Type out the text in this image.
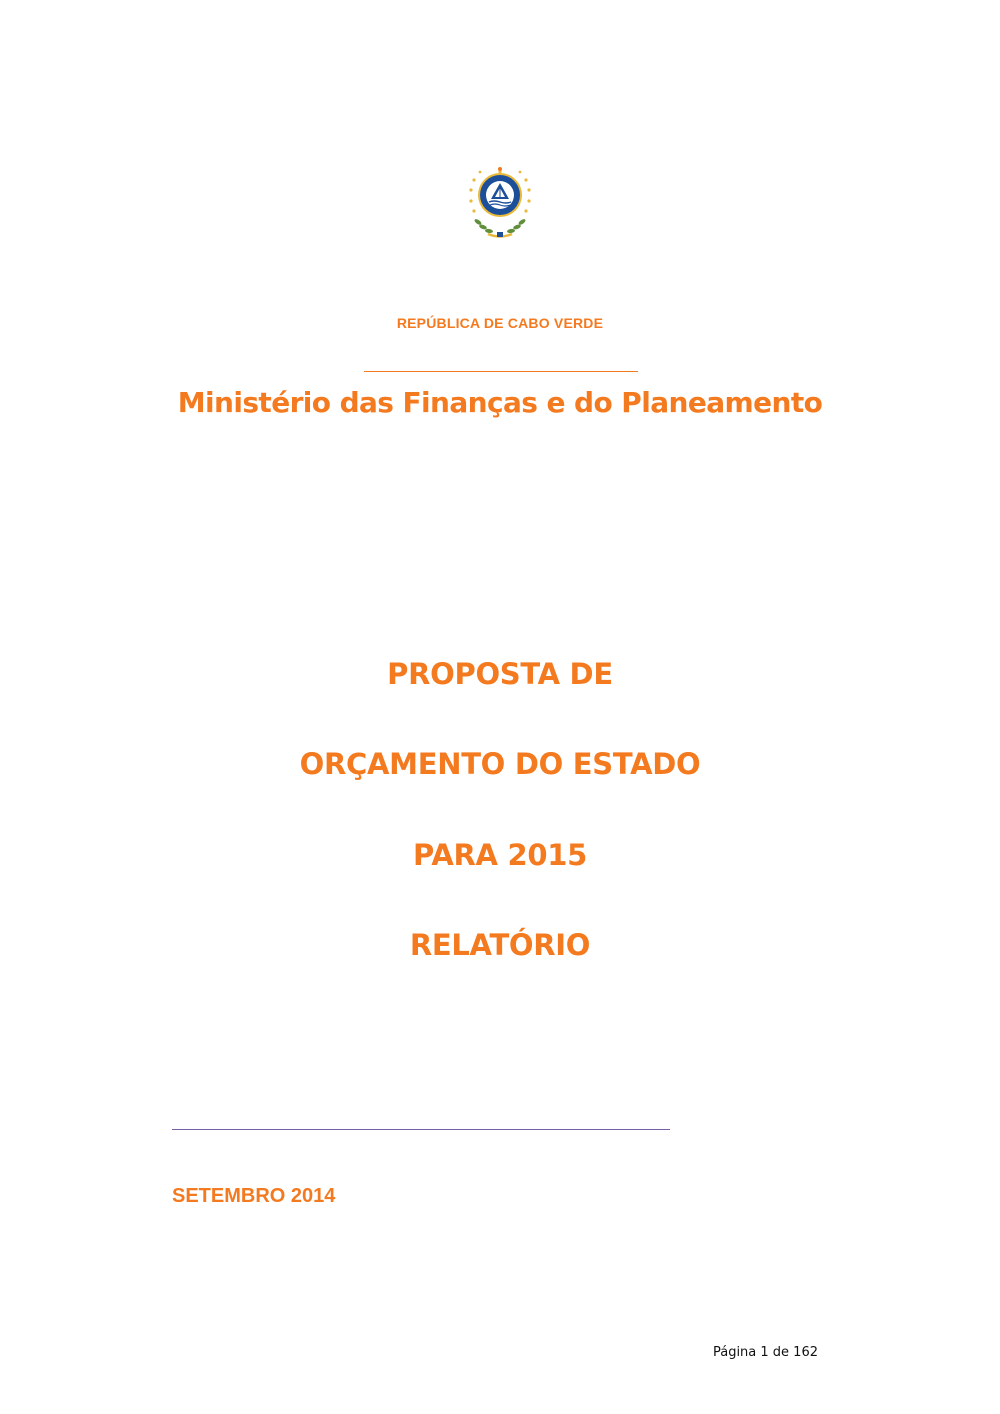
REPÚBLICA DE CABO VERDE
Ministério das Finanças e do Planeamento
PROPOSTA DE
ORÇAMENTO DO ESTADO
PARA 2015
RELATÓRIO
SETEMBRO 2014
Página 1 de 162
